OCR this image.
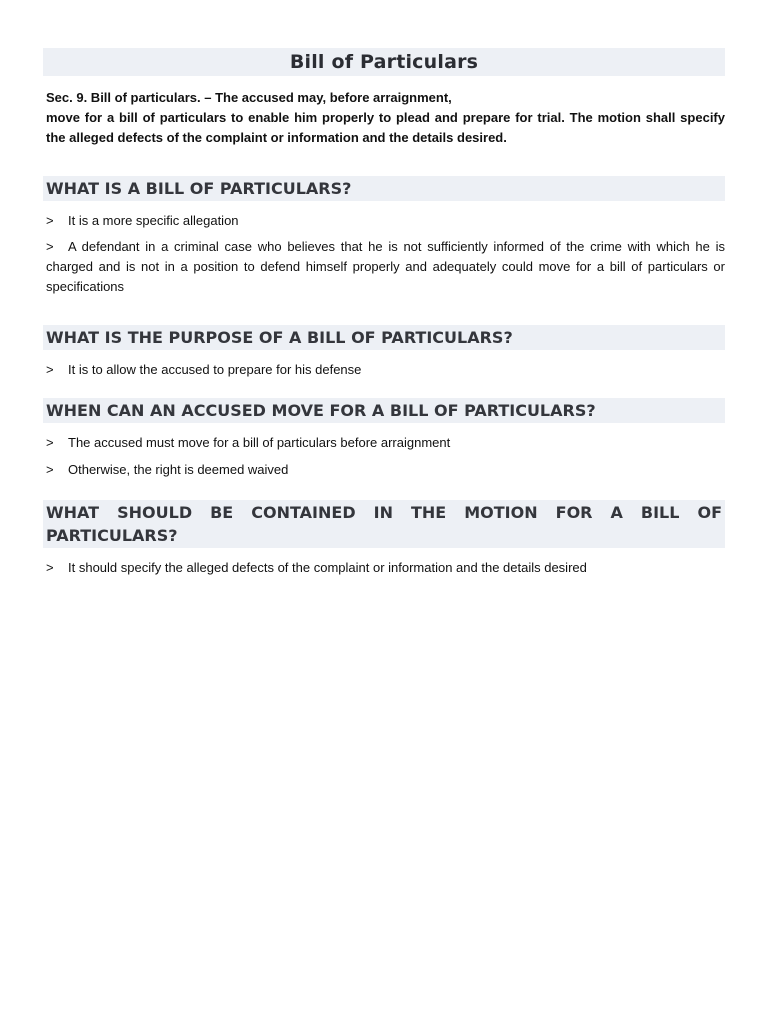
Bill of Particulars

Sec. 9. Bill of particulars. – The accused may, before arraignment,

move for a bill of particulars to enable him properly to plead and prepare for trial. The motion shall specify the alleged defects of the complaint or information and the details desired.

WHAT IS A BILL OF PARTICULARS?
> It is a more specific allegation
> A defendant in a criminal case who believes that he is not sufficiently informed of the crime with which he is charged and is not in a position to defend himself properly and adequately could move for a bill of particulars or specifications
WHAT IS THE PURPOSE OF A BILL OF PARTICULARS?
> It is to allow the accused to prepare for his defense
WHEN CAN AN ACCUSED MOVE FOR A BILL OF PARTICULARS?
> The accused must move for a bill of particulars before arraignment
> Otherwise, the right is deemed waived
WHAT SHOULD BE CONTAINED IN THE MOTION FOR A BILL OF PARTICULARS?
> It should specify the alleged defects of the complaint or information and the details desired
